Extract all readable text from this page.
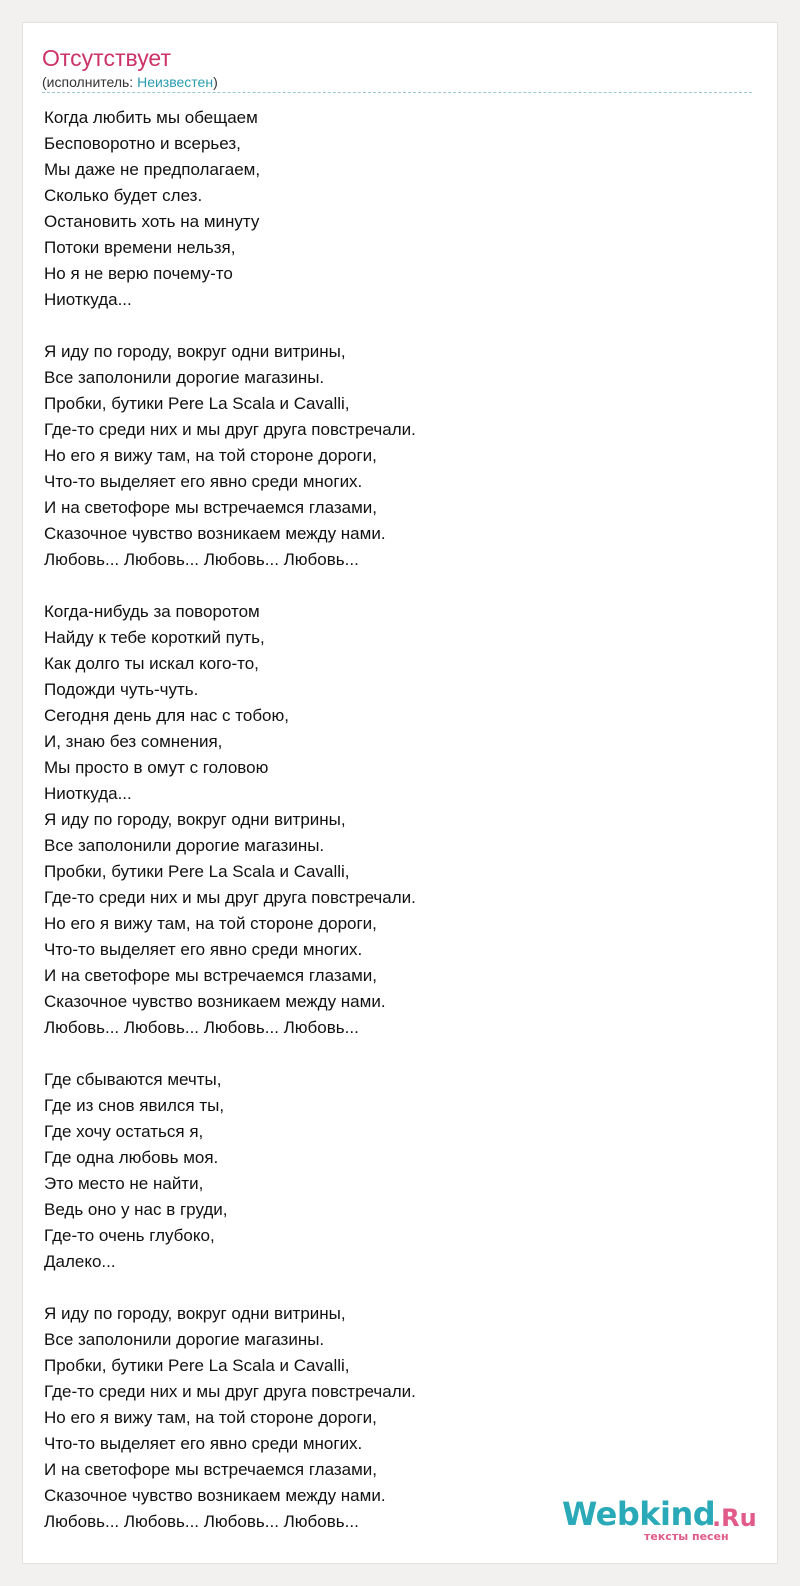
Отсутствует
(исполнитель: Неизвестен)
Когда любить мы обещаем
Бесповоротно и всерьез,
Мы даже не предполагаем,
Сколько будет слез.
Остановить хоть на минуту
Потоки времени нельзя,
Но я не верю почему-то
Ниоткуда...
Я иду по городу, вокруг одни витрины,
Все заполонили дорогие магазины.
Пробки, бутики Pere La Scala и Cavalli,
Где-то среди них и мы друг друга повстречали.
Но его я вижу там, на той стороне дороги,
Что-то выделяет его явно среди многих.
И на светофоре мы встречаемся глазами,
Сказочное чувство возникаем между нами.
Любовь... Любовь... Любовь... Любовь...
Когда-нибудь за поворотом
Найду к тебе короткий путь,
Как долго ты искал кого-то,
Подожди чуть-чуть.
Сегодня день для нас с тобою,
И, знаю без сомнения,
Мы просто в омут с головою
Ниоткуда...
Я иду по городу, вокруг одни витрины,
Все заполонили дорогие магазины.
Пробки, бутики Pere La Scala и Cavalli,
Где-то среди них и мы друг друга повстречали.
Но его я вижу там, на той стороне дороги,
Что-то выделяет его явно среди многих.
И на светофоре мы встречаемся глазами,
Сказочное чувство возникаем между нами.
Любовь... Любовь... Любовь... Любовь...
Где сбываются мечты,
Где из снов явился ты,
Где хочу остаться я,
Где одна любовь моя.
Это место не найти,
Ведь оно у нас в груди,
Где-то очень глубоко,
Далеко...
Я иду по городу, вокруг одни витрины,
Все заполонили дорогие магазины.
Пробки, бутики Pere La Scala и Cavalli,
Где-то среди них и мы друг друга повстречали.
Но его я вижу там, на той стороне дороги,
Что-то выделяет его явно среди многих.
И на светофоре мы встречаемся глазами,
Сказочное чувство возникаем между нами.
Любовь... Любовь... Любовь... Любовь...	Webkind
.Ru
тексты песен
